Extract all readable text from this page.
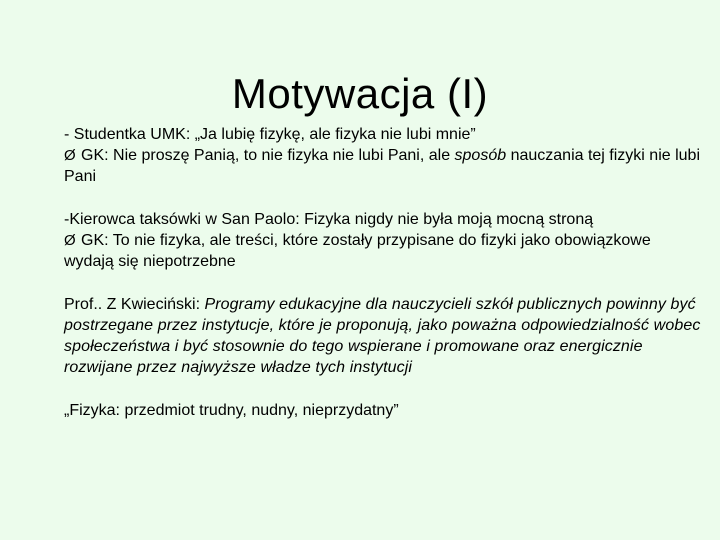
Motywacja (I)

- Studentka UMK: „Ja lubię fizykę, ale fizyka nie lubi mnie”

Ø GK: Nie proszę Panią, to nie fizyka nie lubi Pani, ale sposób nauczania tej fizyki nie lubi Pani

-Kierowca taksówki w San Paolo: Fizyka nigdy nie była moją mocną stroną

Ø GK: To nie fizyka, ale treści, które zostały przypisane do fizyki jako obowiązkowe wydają się niepotrzebne

Prof.. Z Kwieciński: Programy edukacyjne dla nauczycieli szkół publicznych powinny być postrzegane przez instytucje, które je proponują, jako poważna odpowiedzialność wobec społeczeństwa i być stosownie do tego wspierane i promowane oraz energicznie rozwijane przez najwyższe władze tych instytucji

„Fizyka: przedmiot trudny, nudny, nieprzydatny”
